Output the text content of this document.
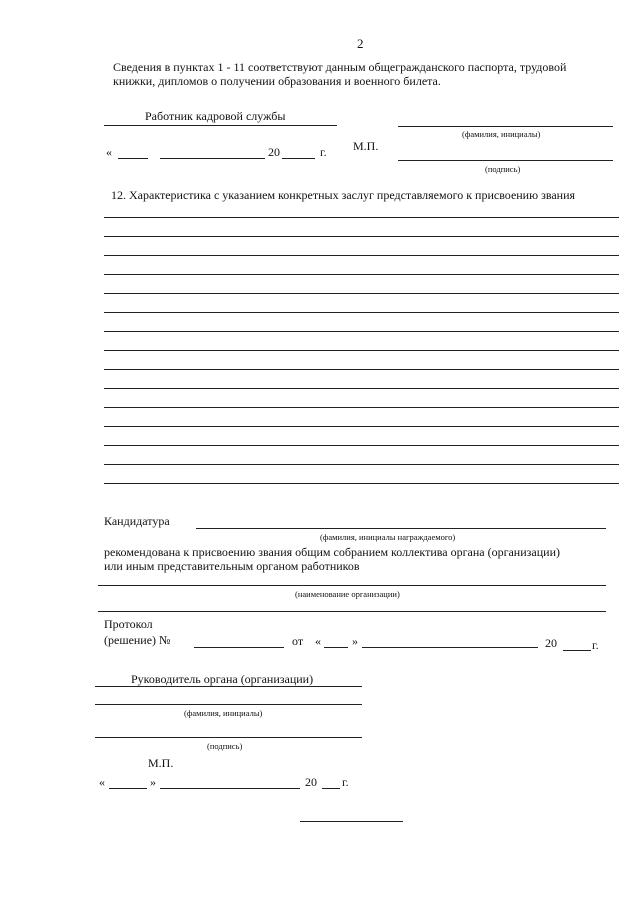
2
Сведения в пунктах 1 - 11 соответствуют данным общегражданского паспорта, трудовой
книжки, дипломов о получении образования и военного билета.
Работник кадровой службы
(фамилия, инициалы)
М.П.
«	20	г.
(подпись)
12. Характеристика с указанием конкретных заслуг представляемого к присвоению звания
Кандидатура
(фамилия, инициалы награждаемого)
рекомендована к присвоению звания общим собранием коллектива органа (организации)
или иным представительным органом работников
(наименование организации)
Протокол
(решение) №	от «	»	20	г.
Руководитель органа (организации)
(фамилия, инициалы)
(подпись)
М.П.
«	»	20 г.
